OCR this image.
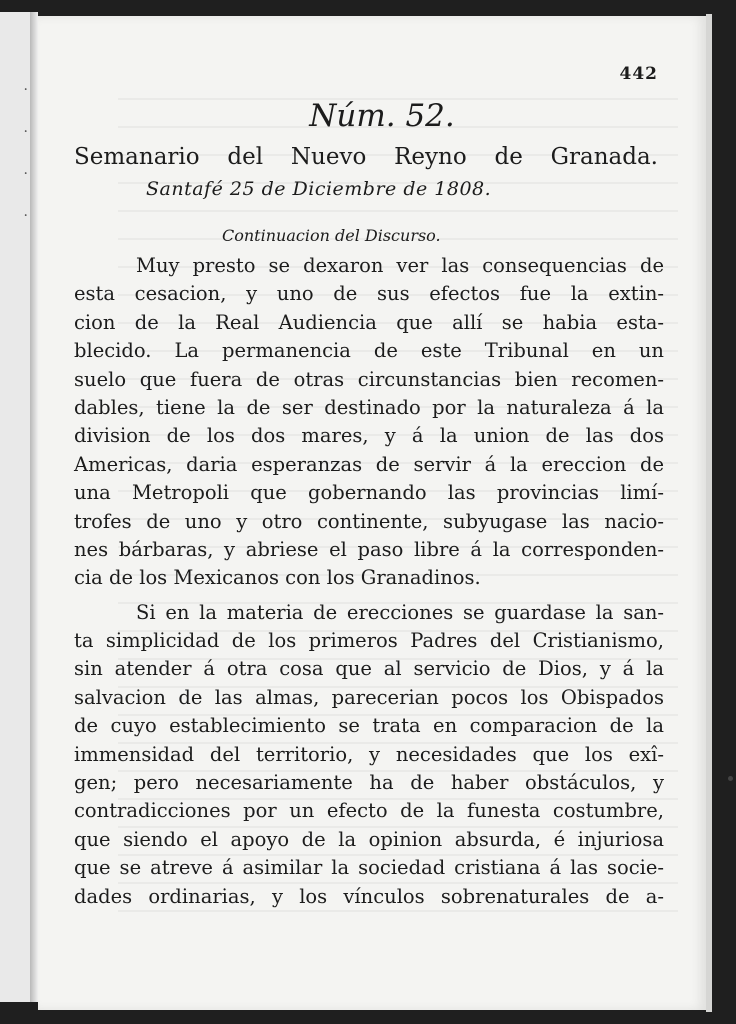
·
·
·
·
442
Núm. 52.
Semanario del Nuevo Reyno de Granada.
Santafé 25 de Diciembre de 1808.
Continuacion del Discurso.
Muy presto se dexaron ver las consequencias de
esta cesacion, y uno de sus efectos fue la extin-
cion de la Real Audiencia que allí se habia esta-
blecido. La permanencia de este Tribunal en un
suelo que fuera de otras circunstancias bien recomen-
dables, tiene la de ser destinado por la naturaleza á la
division de los dos mares, y á la union de las dos
Americas, daria esperanzas de servir á la ereccion de
una Metropoli que gobernando las provincias limí-
trofes de uno y otro continente, subyugase las nacio-
nes bárbaras, y abriese el paso libre á la corresponden-
cia de los Mexicanos con los Granadinos.
Si en la materia de erecciones se guardase la san-
ta simplicidad de los primeros Padres del Cristianismo,
sin atender á otra cosa que al servicio de Dios, y á la
salvacion de las almas, parecerian pocos los Obispados
de cuyo establecimiento se trata en comparacion de la
immensidad del territorio, y necesidades que los exî-
gen; pero necesariamente ha de haber obstáculos, y
contradicciones por un efecto de la funesta costumbre,
que siendo el apoyo de la opinion absurda, é injuriosa
que se atreve á asimilar la sociedad cristiana á las socie-
dades ordinarias, y los vínculos sobrenaturales de a-
